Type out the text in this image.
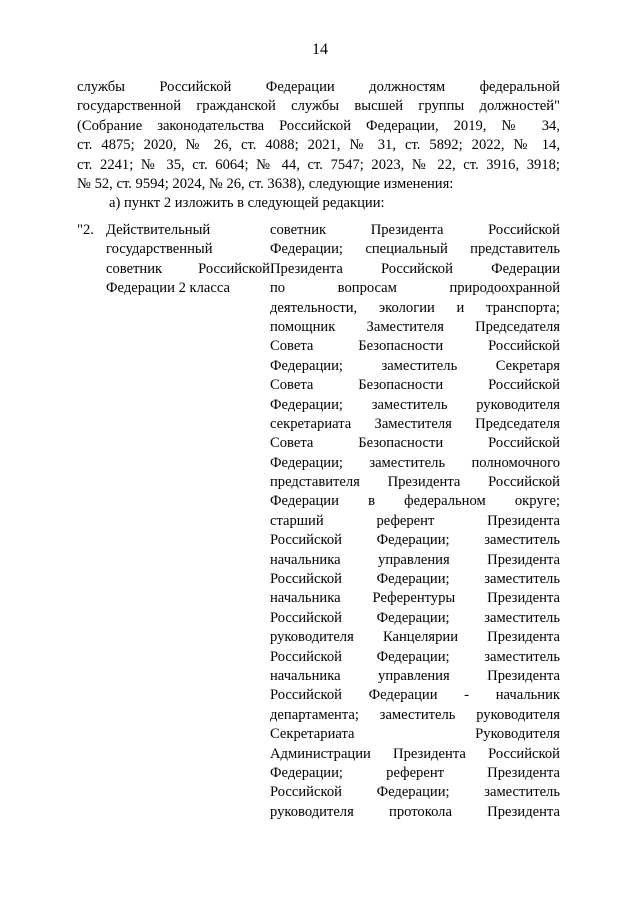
14
службы Российской Федерации должностям федеральной
государственной гражданской службы высшей группы должностей"
(Собрание законодательства Российской Федерации, 2019, № 34,
ст. 4875; 2020, № 26, ст. 4088; 2021, № 31, ст. 5892; 2022, № 14,
ст. 2241; № 35, ст. 6064; № 44, ст. 7547; 2023, № 22, ст. 3916, 3918;
№ 52, ст. 9594; 2024, № 26, ст. 3638), следующие изменения:
а) пункт 2 изложить в следующей редакции:
"2. Действительный
государственный
советник Российской
Федерации 2 класса
советник Президента Российской
Федерации; специальный представитель
Президента Российской Федерации
по вопросам природоохранной
деятельности, экологии и транспорта;
помощник Заместителя Председателя
Совета Безопасности Российской
Федерации; заместитель Секретаря
Совета Безопасности Российской
Федерации; заместитель руководителя
секретариата Заместителя Председателя
Совета Безопасности Российской
Федерации; заместитель полномочного
представителя Президента Российской
Федерации в федеральном округе;
старший референт Президента
Российской Федерации; заместитель
начальника управления Президента
Российской Федерации; заместитель
начальника Референтуры Президента
Российской Федерации; заместитель
руководителя Канцелярии Президента
Российской Федерации; заместитель
начальника управления Президента
Российской Федерации - начальник
департамента; заместитель руководителя
Секретариата Руководителя
Администрации Президента Российской
Федерации; референт Президента
Российской Федерации; заместитель
руководителя протокола Президента
